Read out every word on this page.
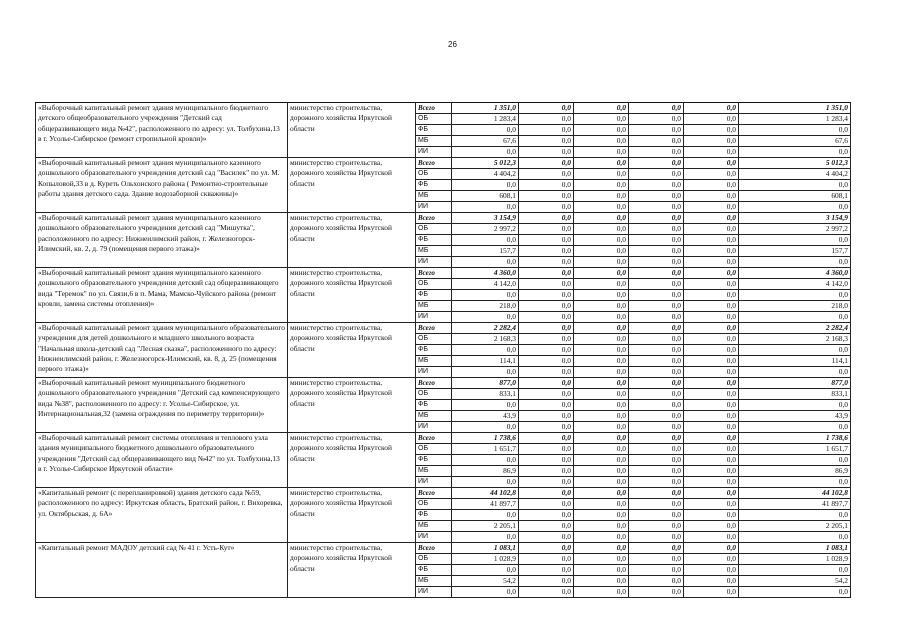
26
«Выборочный капитальный ремонт здания муниципального бюджетного детского общеобразовательного учреждения "Детский сад общеразвивающего вида №42", расположенного по адресу: ул. Толбухина,13 в г. Усолье-Сибирское (ремонт стропильной кровли)»	министерство строительства, дорожного хозяйства Иркутской области	Всего	1 351,0	0,0	0,0	0,0	0,0	1 351,0
		ОБ	1 283,4	0,0	0,0	0,0	0,0	1 283,4
		ФБ	0,0	0,0	0,0	0,0	0,0	0,0
		МБ	67,6	0,0	0,0	0,0	0,0	67,6
		ИИ	0,0	0,0	0,0	0,0	0,0	0,0
«Выборочный капитальный ремонт здания муниципального казенного дошкольного образовательного учреждения детский сад "Василек" по ул. М. Копыловой,33 в д. Куреть Ольхонского района ( Ремонтно-строительные работы здания детского сада. Здание водозаборной скважины)»	министерство строительства, дорожного хозяйства Иркутской области	Всего	5 012,3	0,0	0,0	0,0	0,0	5 012,3
		ОБ	4 404,2	0,0	0,0	0,0	0,0	4 404,2
		ФБ	0,0	0,0	0,0	0,0	0,0	0,0
		МБ	608,1	0,0	0,0	0,0	0,0	608,1
		ИИ	0,0	0,0	0,0	0,0	0,0	0,0
«Выборочный капитальный ремонт здания муниципального казенного дошкольного образовательного учреждения детский сад "Мишутка", расположенного по адресу: Нижнеилимский район, г. Железногорск-Илимский, кв. 2, д. 79 (помещения первого этажа)»	министерство строительства, дорожного хозяйства Иркутской области	Всего	3 154,9	0,0	0,0	0,0	0,0	3 154,9
		ОБ	2 997,2	0,0	0,0	0,0	0,0	2 997,2
		ФБ	0,0	0,0	0,0	0,0	0,0	0,0
		МБ	157,7	0,0	0,0	0,0	0,0	157,7
		ИИ	0,0	0,0	0,0	0,0	0,0	0,0
«Выборочный капитальный ремонт здания муниципального казенного дошкольного образовательного учреждения детский сад общеразвивающего вида "Теремок" по ул. Связи,6 в п. Мама, Мамско-Чуйского района (ремонт кровли, замена системы отопления)»	министерство строительства, дорожного хозяйства Иркутской области	Всего	4 360,0	0,0	0,0	0,0	0,0	4 360,0
		ОБ	4 142,0	0,0	0,0	0,0	0,0	4 142,0
		ФБ	0,0	0,0	0,0	0,0	0,0	0,0
		МБ	218,0	0,0	0,0	0,0	0,0	218,0
		ИИ	0,0	0,0	0,0	0,0	0,0	0,0
«Выборочный капитальный ремонт здания муниципального образовательного учреждения для детей дошкольного и младшего школьного возраста "Начальная школа-детский сад "Лесная сказка", расположенного по адресу: Нижнеилимский район, г. Железногорск-Илимский, кв. 8, д. 25 (помещения первого этажа)»	министерство строительства, дорожного хозяйства Иркутской области	Всего	2 282,4	0,0	0,0	0,0	0,0	2 282,4
		ОБ	2 168,3	0,0	0,0	0,0	0,0	2 168,3
		ФБ	0,0	0,0	0,0	0,0	0,0	0,0
		МБ	114,1	0,0	0,0	0,0	0,0	114,1
		ИИ	0,0	0,0	0,0	0,0	0,0	0,0
«Выборочный капитальный ремонт муниципального бюджетного дошкольного образовательного учреждения "Детский сад компенсирующего вида №38", расположенного по адресу: г. Усолье-Сибирское, ул. Интернациональная,32 (замена ограждения по периметру территории)»	министерство строительства, дорожного хозяйства Иркутской области	Всего	877,0	0,0	0,0	0,0	0,0	877,0
		ОБ	833,1	0,0	0,0	0,0	0,0	833,1
		ФБ	0,0	0,0	0,0	0,0	0,0	0,0
		МБ	43,9	0,0	0,0	0,0	0,0	43,9
		ИИ	0,0	0,0	0,0	0,0	0,0	0,0
«Выборочный капитальный ремонт системы отопления и теплового узла здания муниципального бюджетного дошкольного образовательного учреждения "Детский сад общеразвивающего вид №42" по ул. Толбухина,13 в г. Усолье-Сибирское Иркутской области»	министерство строительства, дорожного хозяйства Иркутской области	Всего	1 738,6	0,0	0,0	0,0	0,0	1 738,6
		ОБ	1 651,7	0,0	0,0	0,0	0,0	1 651,7
		ФБ	0,0	0,0	0,0	0,0	0,0	0,0
		МБ	86,9	0,0	0,0	0,0	0,0	86,9
		ИИ	0,0	0,0	0,0	0,0	0,0	0,0
«Капитальный ремонт (с перепланировкой) здания детского сада №59, расположенного по адресу: Иркутская область, Братский район, г. Вихоревка, ул. Октябрьская, д. 6А»	министерство строительства, дорожного хозяйства Иркутской области	Всего	44 102,8	0,0	0,0	0,0	0,0	44 102,8
		ОБ	41 897,7	0,0	0,0	0,0	0,0	41 897,7
		ФБ	0,0	0,0	0,0	0,0	0,0	0,0
		МБ	2 205,1	0,0	0,0	0,0	0,0	2 205,1
		ИИ	0,0	0,0	0,0	0,0	0,0	0,0
«Капитальный ремонт МАДОУ детский сад № 41 г. Усть-Кут»	министерство строительства, дорожного хозяйства Иркутской области	Всего	1 083,1	0,0	0,0	0,0	0,0	1 083,1
		ОБ	1 028,9	0,0	0,0	0,0	0,0	1 028,9
		ФБ	0,0	0,0	0,0	0,0	0,0	0,0
		МБ	54,2	0,0	0,0	0,0	0,0	54,2
		ИИ	0,0	0,0	0,0	0,0	0,0	0,0
